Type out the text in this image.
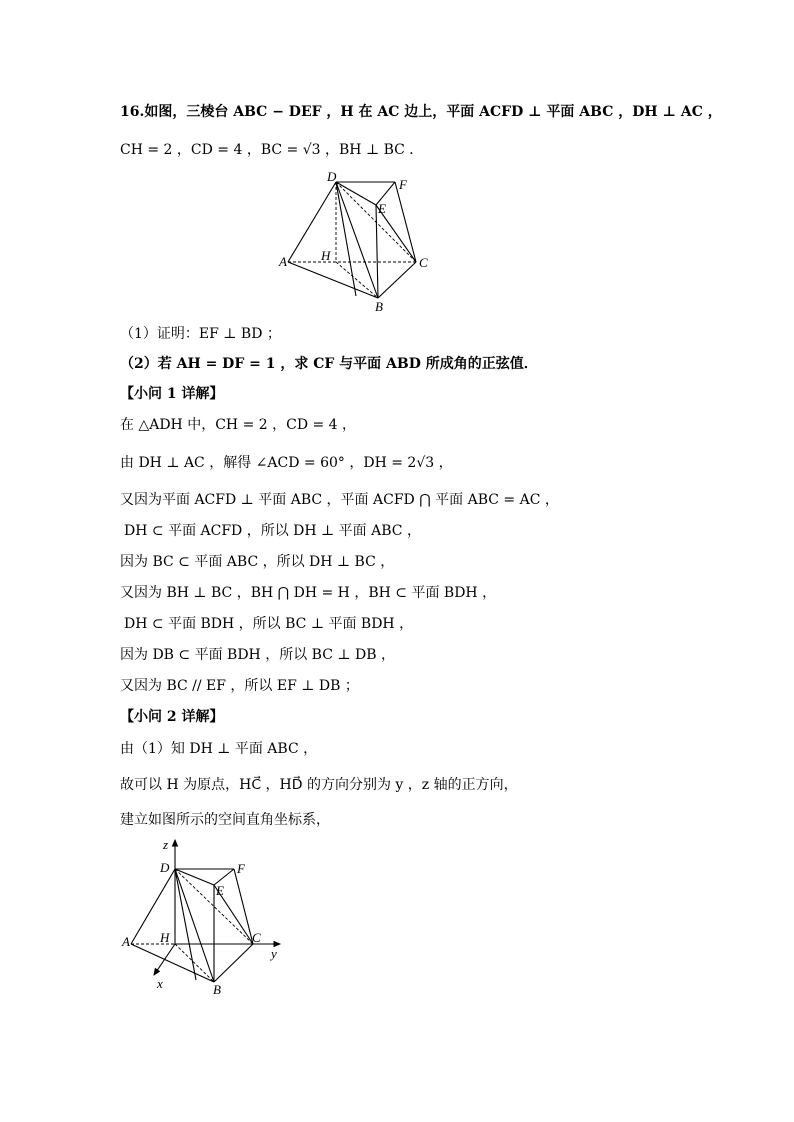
16.如图，三棱台 ABC − DEF ，H 在 AC 边上，平面 ACFD ⊥ 平面 ABC ，DH ⊥ AC ，
CH = 2 ，CD = 4 ，BC = √3 ，BH ⊥ BC ．
D
F
E
H
A	C
B
（1）证明：EF ⊥ BD ；
（2）若 AH = DF = 1 ，求 CF 与平面 ABD 所成角的正弦值．
【小问 1 详解】
在 △ADH 中，CH = 2 ，CD = 4 ，
由 DH ⊥ AC ，解得 ∠ACD = 60° ，DH = 2√3 ，
又因为平面 ACFD ⊥ 平面 ABC ，平面 ACFD ⋂ 平面 ABC = AC ，
DH ⊂ 平面 ACFD ，所以 DH ⊥ 平面 ABC ，
因为 BC ⊂ 平面 ABC ，所以 DH ⊥ BC ，
又因为 BH ⊥ BC ，BH ⋂ DH = H ，BH ⊂ 平面 BDH ，
DH ⊂ 平面 BDH ，所以 BC ⊥ 平面 BDH ，
因为 DB ⊂ 平面 BDH ，所以 BC ⊥ DB ，
又因为 BC // EF ，所以 EF ⊥ DB ；
【小问 2 详解】
由（1）知 DH ⊥ 平面 ABC ，
故可以 H 为原点，HC⃗ ，HD⃗ 的方向分别为 y ，z 轴的正方向，
建立如图所示的空间直角坐标系，
z
D	F
E
A H	C
y
x	B
